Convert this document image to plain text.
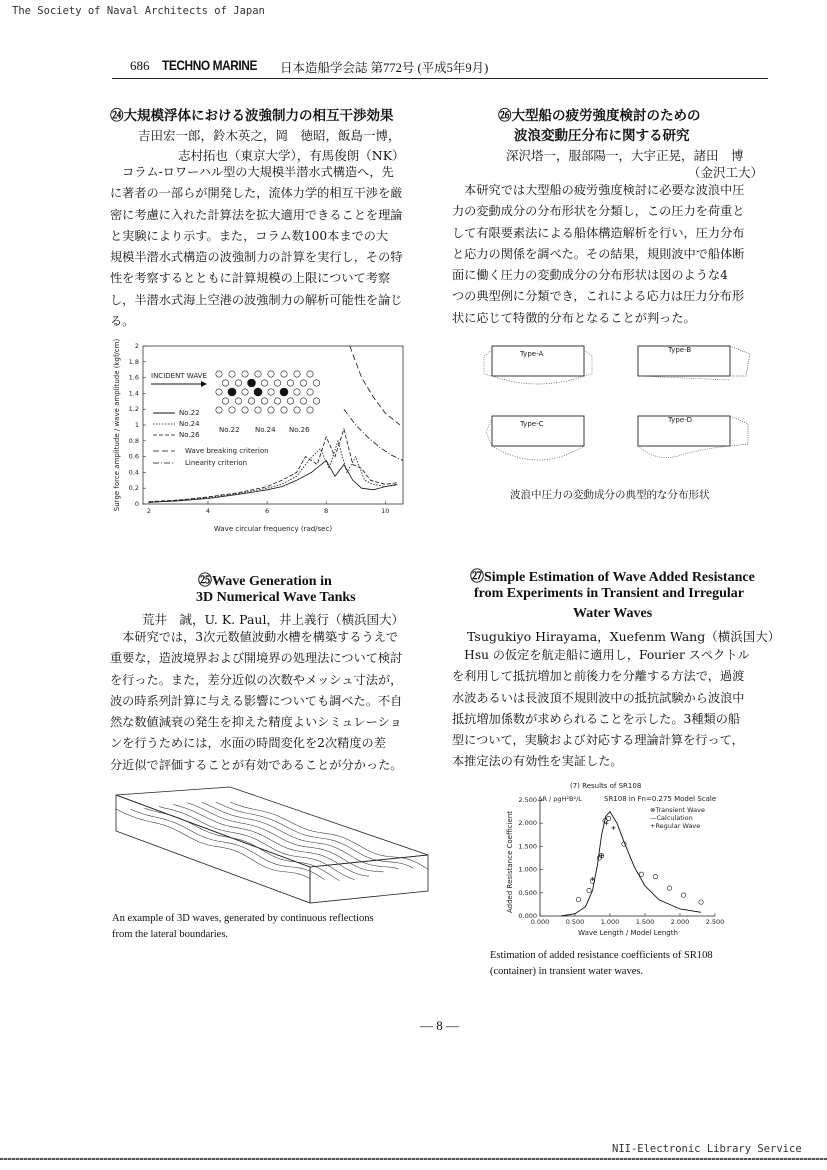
The Society of Naval Architects of Japan
686 TECHNO MARINE 日本造船学会誌 第772号 (平成5年9月)
㉔大規模浮体における波強制力の相互干渉効果
吉田宏一郎，鈴木英之，岡　徳昭，飯島一博，
志村拓也（東京大学），有馬俊朗（NK）

　コラム-ロワーハル型の大規模半潜水式構造へ，先

に著者の一部らが開発した，流体力学的相互干渉を厳

密に考慮に入れた計算法を拡大適用できることを理論

と実験により示す。また，コラム数100本までの大

規模半潜水式構造の波強制力の計算を実行し，その特

性を考察するとともに計算規模の上限について考察

し，半潜水式海上空港の波強制力の解析可能性を論じ

る。

0
0.2
0.4
0.6
0.8
1
1.2
1.4
1.6
1.8
2
2	4	6	8	10
INCIDENT WAVE
No.22 No.24 No.26
No.22
No.24
No.26
Wave breaking criterion
Linearity criterion
Wave circular frequency (rad/sec)
Surge force amplitude / wave amplitude (kgf/cm)
㉖大型船の疲労強度検討のための
波浪変動圧分布に関する研究
深沢塔一，服部陽一，大宇正晃，諸田　博
（金沢工大）

　本研究では大型船の疲労強度検討に必要な波浪中圧

力の変動成分の分布形状を分類し，この圧力を荷重と

して有限要素法による船体構造解析を行い，圧力分布

と応力の関係を調べた。その結果，規則波中で船体断

面に働く圧力の変動成分の分布形状は図のような4

つの典型例に分類でき，これによる応力は圧力分布形

状に応じて特徴的分布となることが判った。

Type-A	Type-B
Type-C	Type-D
波浪中圧力の変動成分の典型的な分布形状
㉕Wave Generation in
3D Numerical Wave Tanks
荒井　誠，U. K. Paul，井上義行（横浜国大）

　本研究では，3次元数値波動水槽を構築するうえで

重要な，造波境界および開境界の処理法について検討

を行った。また，差分近似の次数やメッシュ寸法が，

波の時系列計算に与える影響についても調べた。不自

然な数値減衰の発生を抑えた精度よいシミュレーショ

ンを行うためには，水面の時間変化を2次精度の差

分近似で評価することが有効であることが分かった。

An example of 3D waves, generated by continuous reflections
from the lateral boundaries.
㉗Simple Estimation of Wave Added Resistance
from Experiments in Transient and Irregular
Water Waves
Tsugukiyo Hirayama，Xuefenm Wang（横浜国大）

　Hsu の仮定を航走船に適用し，Fourier スペクトル

を利用して抵抗増加と前後力を分離する方法で，過渡

水波あるいは長波頂不規則波中の抵抗試験から波浪中

抵抗増加係数が求められることを示した。3種類の船

型について，実験および対応する理論計算を行って，

本推定法の有効性を実証した。

(7) Results of SR108
SR108 in Fn=0.275 Model Scale
ΔR / ρgH²B²/L
0.000
0.500
1.000
1.500
2.000
2.500
0.000	0.500	1.000	1.500	2.000	2.500
⊗Transient Wave
—Calculation
+Regular Wave
Wave Length / Model Length
Added Resistance Coefficient
Estimation of added resistance coefficients of SR108
(container) in transient water waves.
— 8 —
NII-Electronic Library Service
